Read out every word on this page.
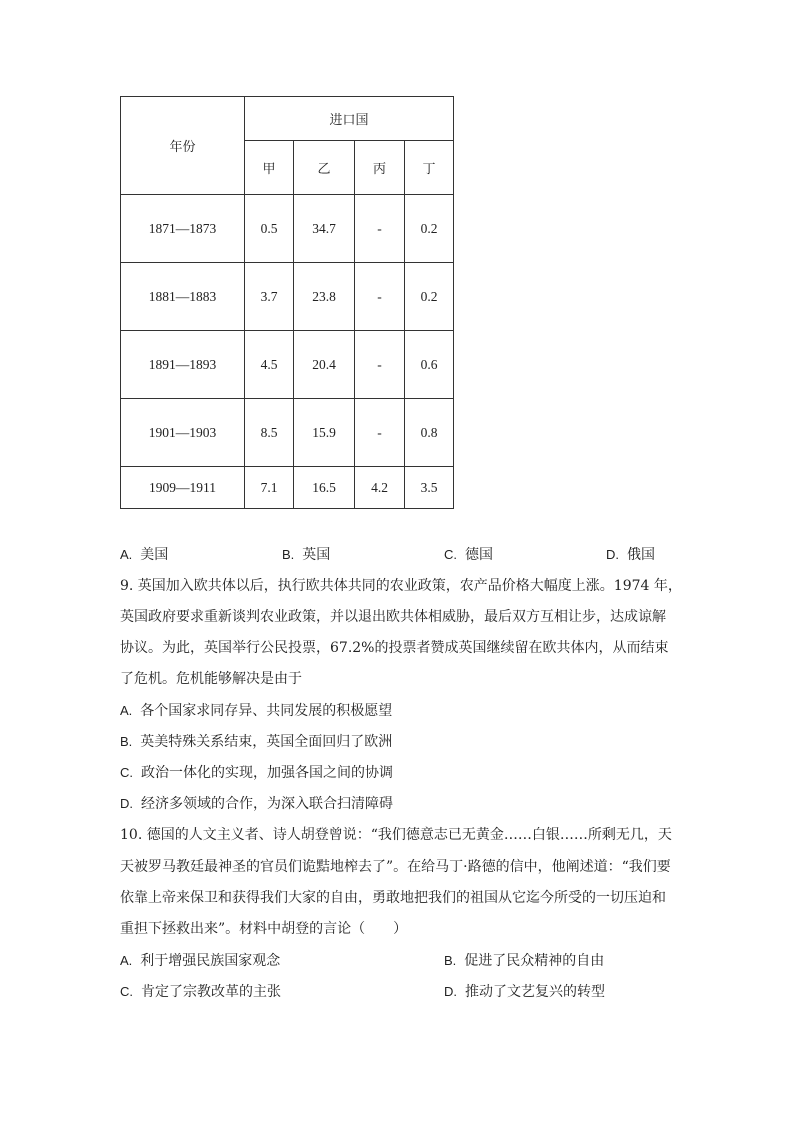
年份	进口国			
	甲	乙	丙	丁
1871—1873	0.5	34.7	-	0.2
1881—1883	3.7	23.8	-	0.2
1891—1893	4.5	20.4	-	0.6
1901—1903	8.5	15.9	-	0.8
1909—1911	7.1	16.5	4.2	3.5
A. 美国	B. 英国	C. 德国	D. 俄国
9. 英国加入欧共体以后，执行欧共体共同的农业政策，农产品价格大幅度上涨。1974 年，
英国政府要求重新谈判农业政策，并以退出欧共体相威胁，最后双方互相让步，达成谅解
协议。为此，英国举行公民投票，67.2%的投票者赞成英国继续留在欧共体内，从而结束
了危机。危机能够解决是由于
A. 各个国家求同存异、共同发展的积极愿望
B. 英美特殊关系结束，英国全面回归了欧洲
C. 政治一体化的实现，加强各国之间的协调
D. 经济多领域的合作，为深入联合扫清障碍
10. 德国的人文主义者、诗人胡登曾说：“我们德意志已无黄金……白银……所剩无几，天
天被罗马教廷最神圣的官员们诡黠地榨去了”。在给马丁·路德的信中，他阐述道：“我们要
依靠上帝来保卫和获得我们大家的自由，勇敢地把我们的祖国从它迄今所受的一切压迫和
重担下拯救出来”。材料中胡登的言论（　　）
A. 利于增强民族国家观念	B. 促进了民众精神的自由
C. 肯定了宗教改革的主张	D. 推动了文艺复兴的转型
